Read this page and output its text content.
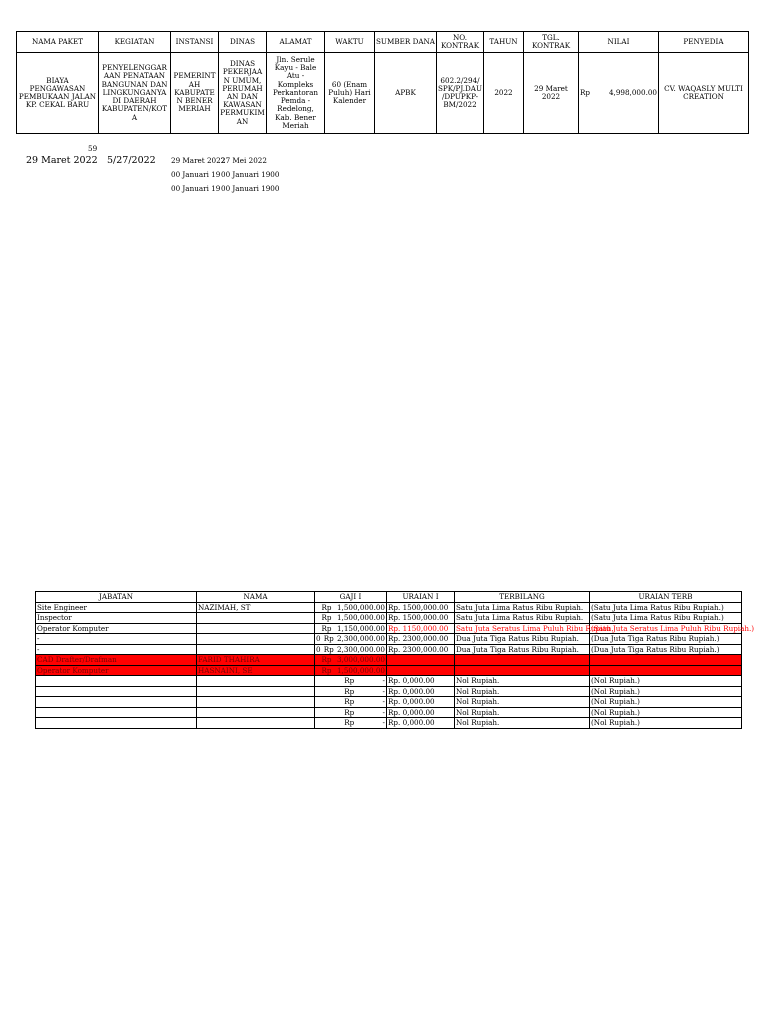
NAMA PAKET	KEGIATAN	INSTANSI	DINAS	ALAMAT	WAKTU	SUMBER DANA	NO. KONTRAK	TAHUN	TGL. KONTRAK	NILAI	PENYEDIA
BIAYA PENGAWASAN PEMBUKAAN JALAN KP. CEKAL BARU	PENYELENGGARAAN PENATAAN BANGUNAN DAN LINGKUNGANYA DI DAERAH KABUPATEN/KOTA	PEMERINTAH KABUPATEN BENER MERIAH	DINAS PEKERJAAN UMUM, PERUMAHAN DAN KAWASAN PERMUKIMAN	Jln. Serule Kayu - Bale Atu - Kompleks Perkantoran Pemda - Redelong, Kab. Bener Meriah	60 (Enam Puluh) Hari Kalender	APBK	602.2/294/SPK/PJ.DAU/DPUPKP-BM/2022	2022	29 Maret 2022	Rp 4,998,000.00	CV. WAQASLY MULTI CREATION
59
29 Maret 2022 5/27/2022 29 Maret 2022
27 Mei 2022
00 Januari 19 00 Januari 1900
00 Januari 19 00 Januari 1900
JABATAN	NAMA	GAJI I	URAIAN I	TERBILANG	URAIAN TERB
Site Engineer	NAZIMAH, ST	Rp 1,500,000.00	Rp. 1500,000.00	Satu Juta Lima Ratus Ribu Rupiah.	(Satu Juta Lima Ratus Ribu Rupiah.)
Inspector		Rp 1,500,000.00	Rp. 1500,000.00	Satu Juta Lima Ratus Ribu Rupiah.	(Satu Juta Lima Ratus Ribu Rupiah.)
Operator Komputer		Rp 1,150,000.00	Rp. 1150,000.00	Satu Juta Seratus Lima Puluh Ribu Rupiah.	(Satu Juta Seratus Lima Puluh Ribu Rupiah.)
-		0 Rp 2,300,000.00	Rp. 2300,000.00	Dua Juta Tiga Ratus Ribu Rupiah.	(Dua Juta Tiga Ratus Ribu Rupiah.)
-		0 Rp 2,300,000.00	Rp. 2300,000.00	Dua Juta Tiga Ratus Ribu Rupiah.	(Dua Juta Tiga Ratus Ribu Rupiah.)
CAD Drafter/Drafman	FARID THAHIRA	Rp 3,000,000.00			

Operator Komputer	HASNAINI, SE	Rp 1,500,000.00			

		Rp -	Rp. 0,000.00	Nol Rupiah.	(Nol Rupiah.)

		Rp -	Rp. 0,000.00	Nol Rupiah.	(Nol Rupiah.)

		Rp -	Rp. 0,000.00	Nol Rupiah.	(Nol Rupiah.)

		Rp -	Rp. 0,000.00	Nol Rupiah.	(Nol Rupiah.)

		Rp -	Rp. 0,000.00	Nol Rupiah.	(Nol Rupiah.)
